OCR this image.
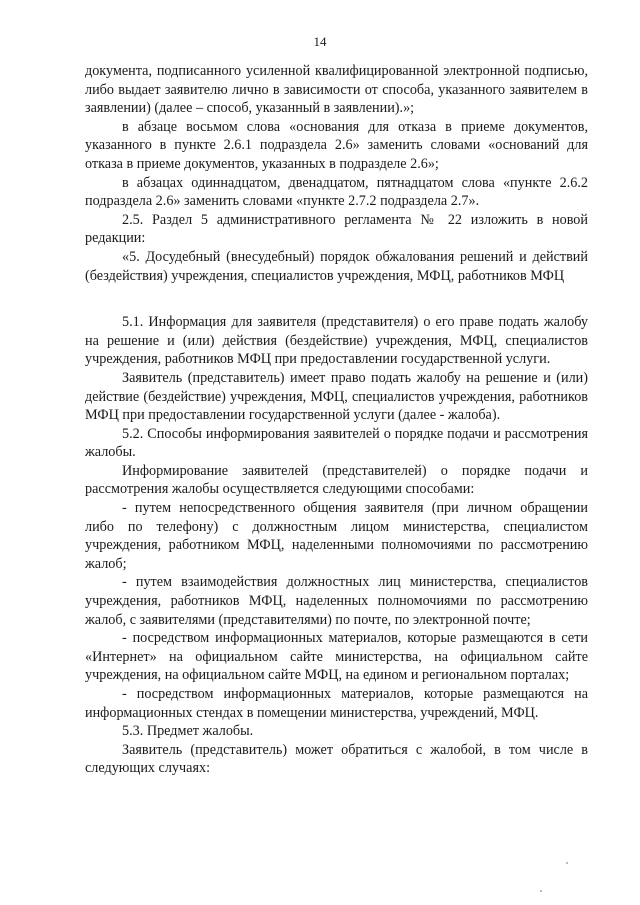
14

документа, подписанного усиленной квалифицированной электронной подписью, либо выдает заявителю лично в зависимости от способа, указанного заявителем в заявлении) (далее – способ, указанный в заявлении).»;

в абзаце восьмом слова «основания для отказа в приеме документов, указанного в пункте 2.6.1 подраздела 2.6» заменить словами «оснований для отказа в приеме документов, указанных в подразделе 2.6»;

в абзацах одиннадцатом, двенадцатом, пятнадцатом слова «пункте 2.6.2 подраздела 2.6» заменить словами «пункте 2.7.2 подраздела 2.7».

2.5. Раздел 5 административного регламента № 22 изложить в новой редакции:

«5. Досудебный (внесудебный) порядок обжалования решений и действий (бездействия) учреждения, специалистов учреждения, МФЦ, работников МФЦ

5.1. Информация для заявителя (представителя) о его праве подать жалобу на решение и (или) действия (бездействие) учреждения, МФЦ, специалистов учреждения, работников МФЦ при предоставлении государственной услуги.

Заявитель (представитель) имеет право подать жалобу на решение и (или) действие (бездействие) учреждения, МФЦ, специалистов учреждения, работников МФЦ при предоставлении государственной услуги (далее - жалоба).

5.2. Способы информирования заявителей о порядке подачи и рассмотрения жалобы.

Информирование заявителей (представителей) о порядке подачи и рассмотрения жалобы осуществляется следующими способами:

- путем непосредственного общения заявителя (при личном обращении либо по телефону) с должностным лицом министерства, специалистом учреждения, работником МФЦ, наделенными полномочиями по рассмотрению жалоб;

- путем взаимодействия должностных лиц министерства, специалистов учреждения, работников МФЦ, наделенных полномочиями по рассмотрению жалоб, с заявителями (представителями) по почте, по электронной почте;

- посредством информационных материалов, которые размещаются в сети «Интернет» на официальном сайте министерства, на официальном сайте учреждения, на официальном сайте МФЦ, на едином и региональном порталах;

- посредством информационных материалов, которые размещаются на информационных стендах в помещении министерства, учреждений, МФЦ.

5.3. Предмет жалобы.

Заявитель (представитель) может обратиться с жалобой, в том числе в следующих случаях:
